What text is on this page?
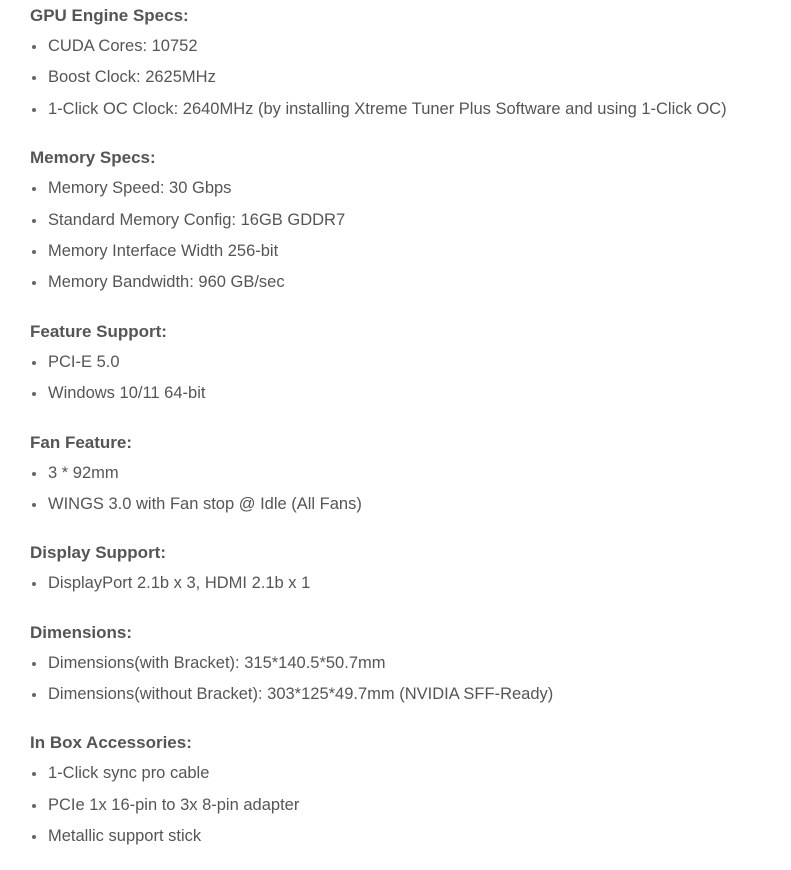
GPU Engine Specs:
CUDA Cores: 10752
Boost Clock: 2625MHz
1-Click OC Clock: 2640MHz (by installing Xtreme Tuner Plus Software and using 1-Click OC)
Memory Specs:
Memory Speed: 30 Gbps
Standard Memory Config: 16GB GDDR7
Memory Interface Width 256-bit
Memory Bandwidth: 960 GB/sec
Feature Support:
PCI-E 5.0
Windows 10/11 64-bit
Fan Feature:
3 * 92mm
WINGS 3.0 with Fan stop @ Idle (All Fans)
Display Support:
DisplayPort 2.1b x 3, HDMI 2.1b x 1
Dimensions:
Dimensions(with Bracket): 315*140.5*50.7mm
Dimensions(without Bracket): 303*125*49.7mm (NVIDIA SFF-Ready)
In Box Accessories:
1-Click sync pro cable
PCIe 1x 16-pin to 3x 8-pin adapter
Metallic support stick
